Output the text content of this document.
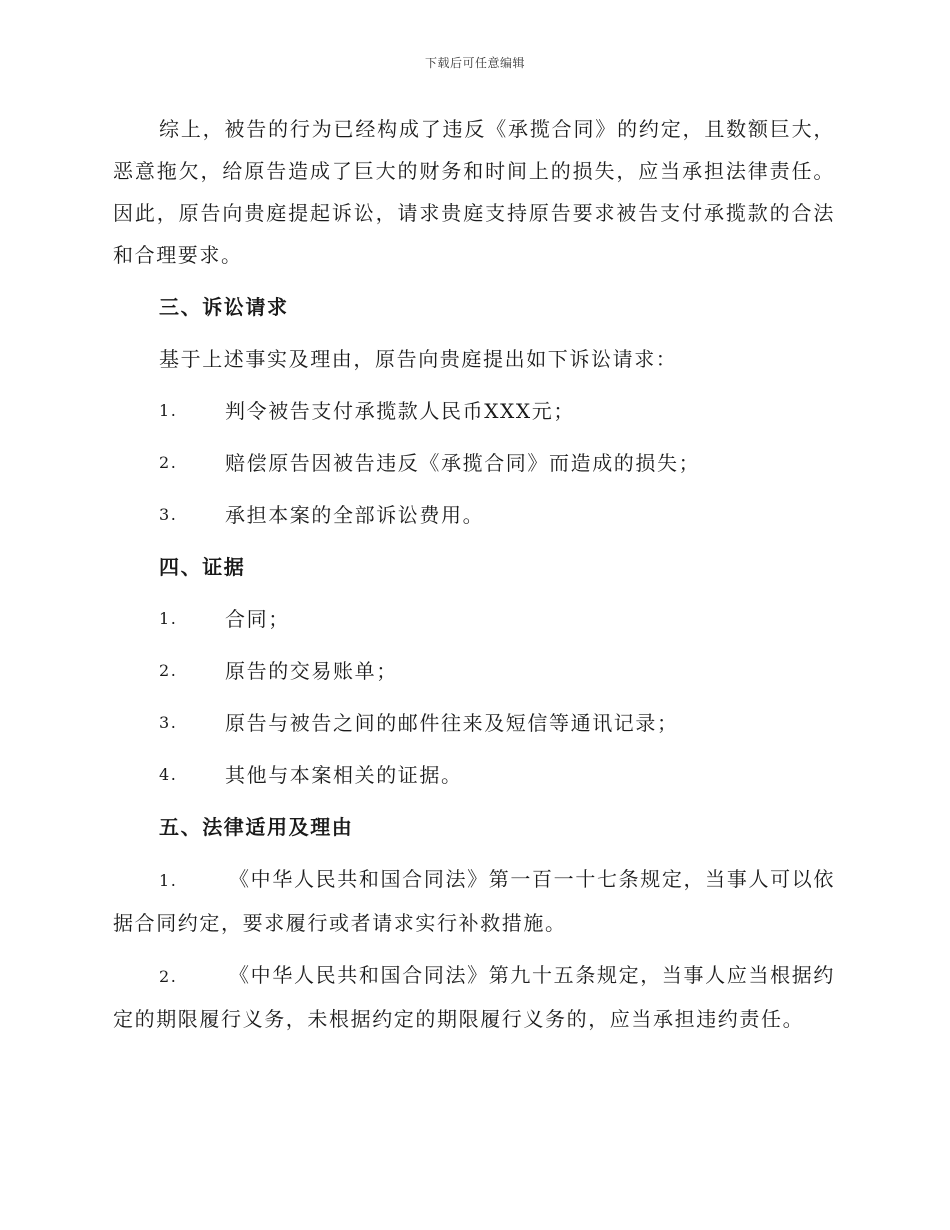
下载后可任意编辑

综上，被告的行为已经构成了违反《承揽合同》的约定，且数额巨大，恶意拖欠，给原告造成了巨大的财务和时间上的损失，应当承担法律责任。因此，原告向贵庭提起诉讼，请求贵庭支持原告要求被告支付承揽款的合法和合理要求。

三、诉讼请求

基于上述事实及理由，原告向贵庭提出如下诉讼请求：

1.	判令被告支付承揽款人民币XXX元；
2.	赔偿原告因被告违反《承揽合同》而造成的损失；
3.	承担本案的全部诉讼费用。
四、证据
1.	合同；
2.	原告的交易账单；
3.	原告与被告之间的邮件往来及短信等通讯记录；
4.	其他与本案相关的证据。
五、法律适用及理由

1.	《中华人民共和国合同法》第一百一十七条规定，当事人可以依据合同约定，要求履行或者请求实行补救措施。

2.	《中华人民共和国合同法》第九十五条规定，当事人应当根据约定的期限履行义务，未根据约定的期限履行义务的，应当承担违约责任。
